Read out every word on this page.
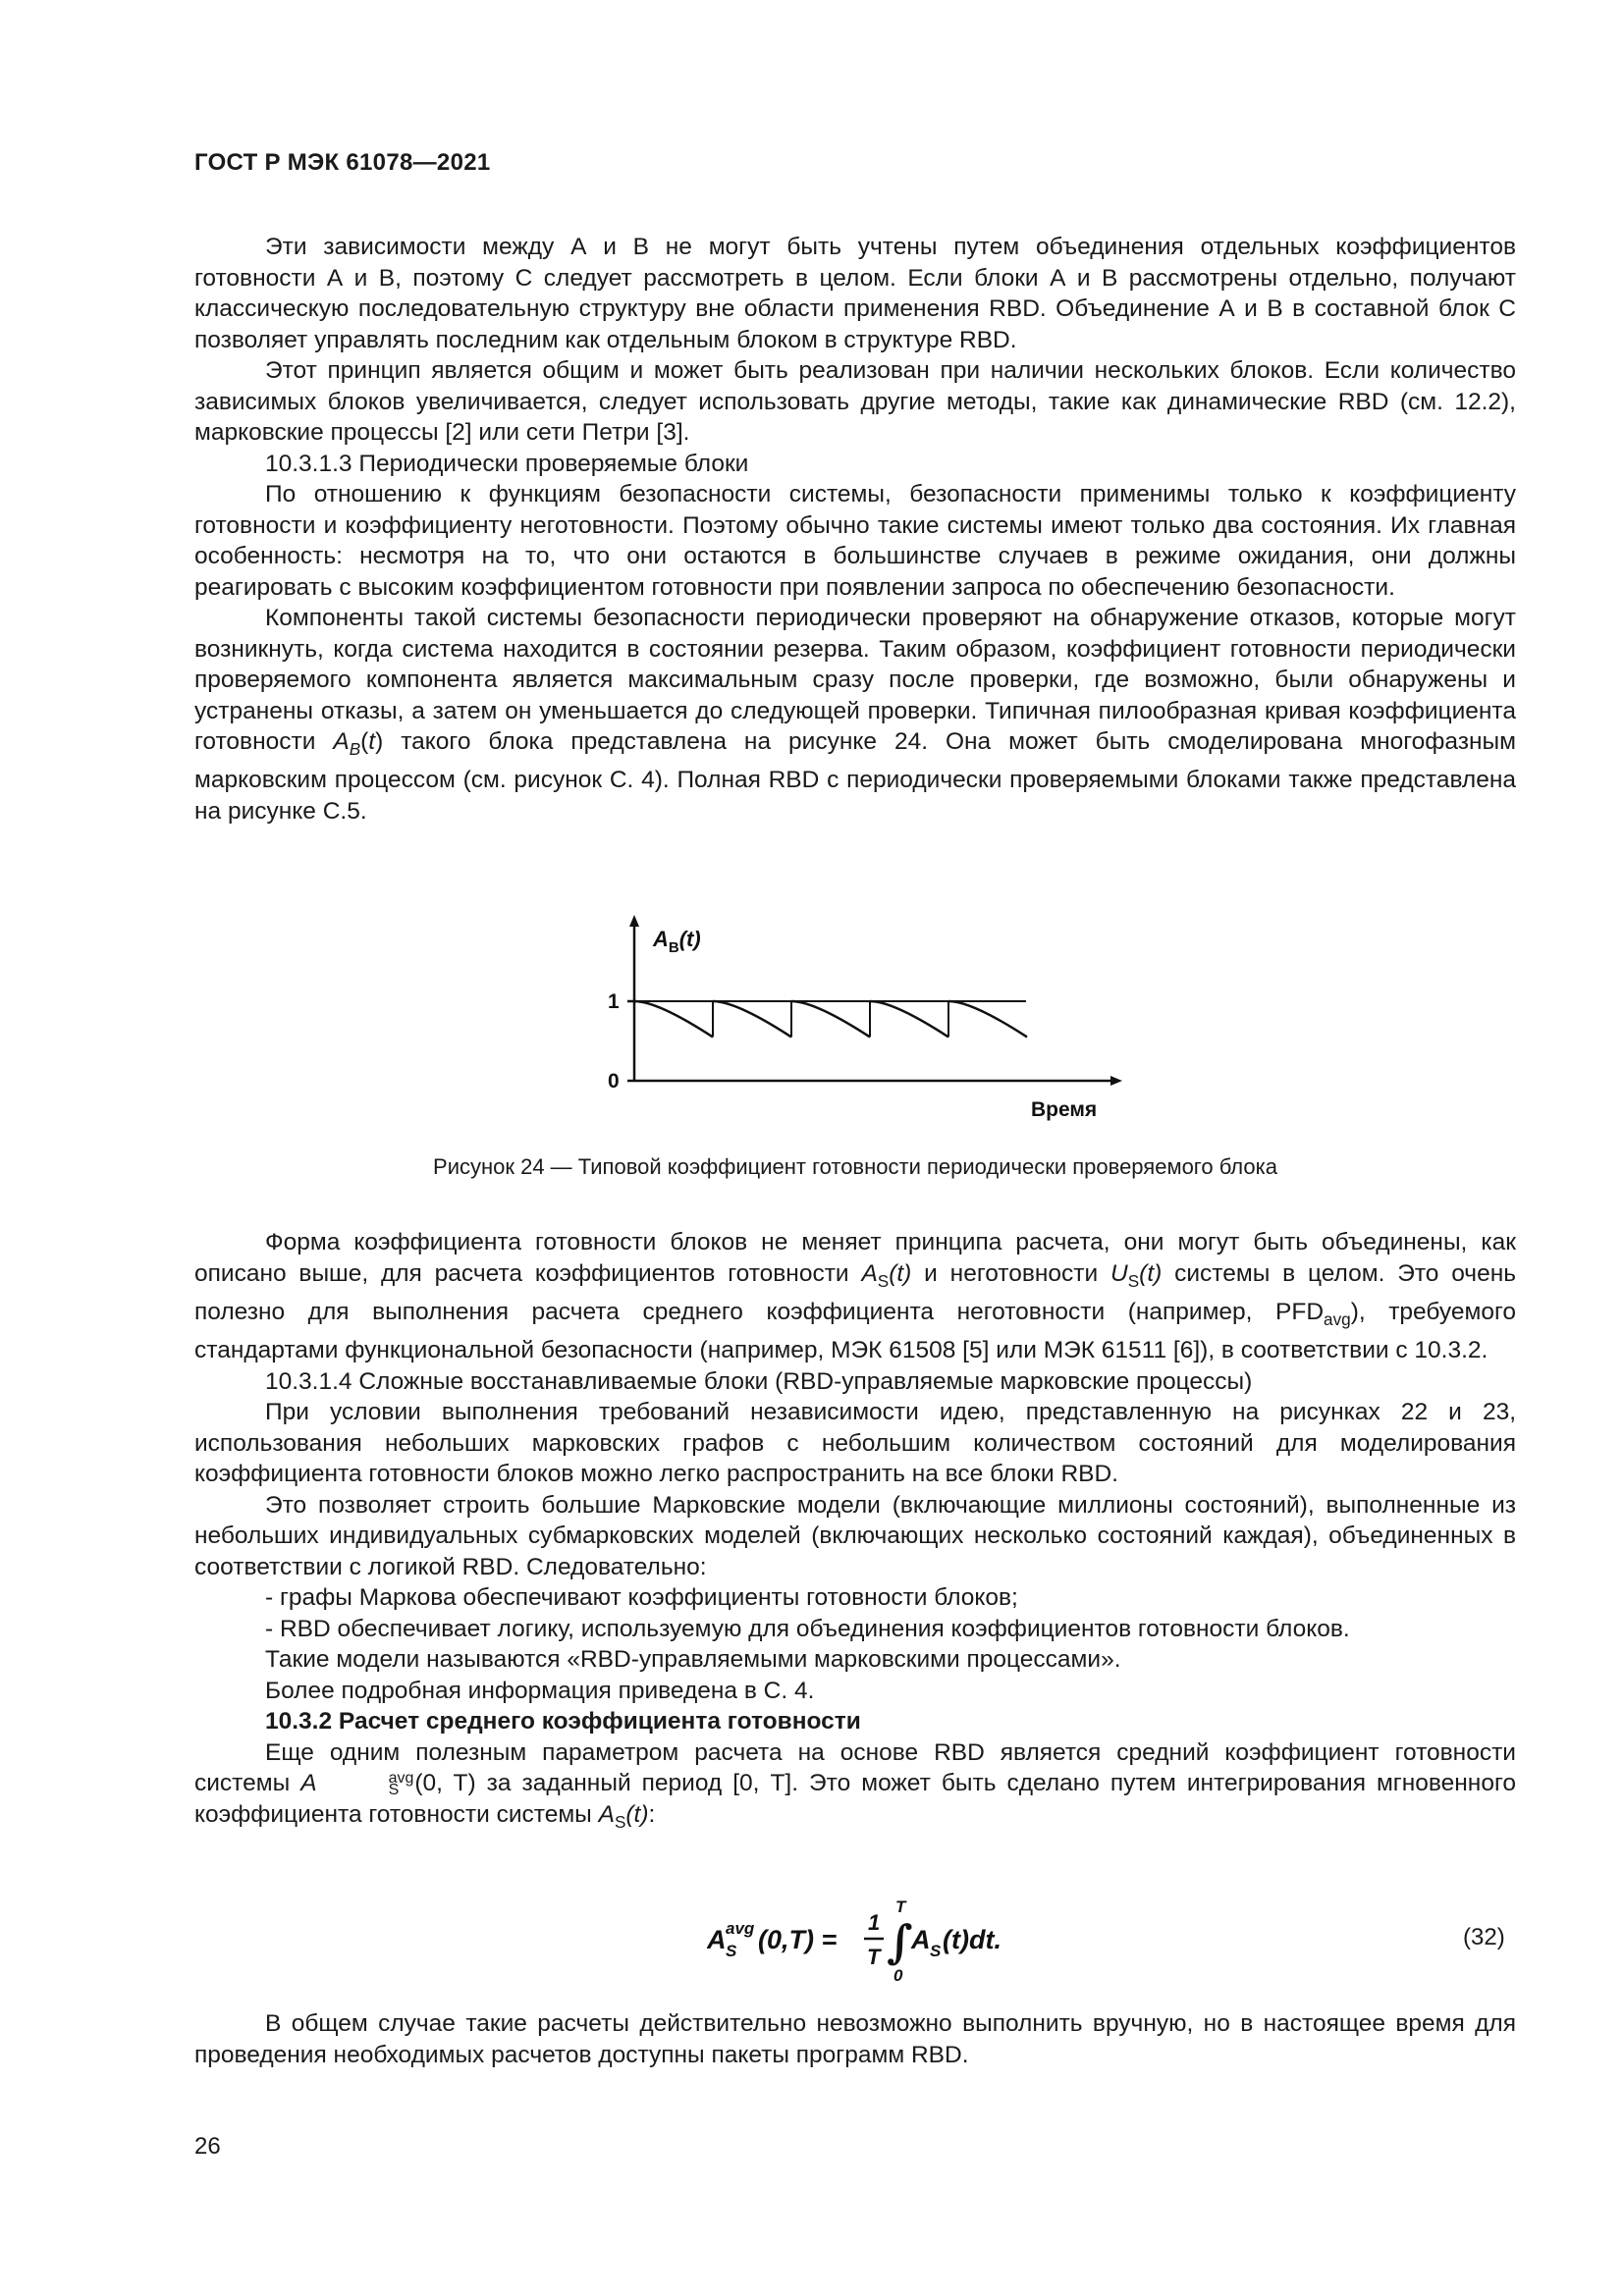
ГОСТ Р МЭК 61078—2021

Эти зависимости между А и В не могут быть учтены путем объединения отдельных коэффициентов готовности А и В, поэтому С следует рассмотреть в целом. Если блоки А и В рассмотрены отдельно, получают классическую последовательную структуру вне области применения RBD. Объединение А и В в составной блок С позволяет управлять последним как отдельным блоком в структуре RBD.

Этот принцип является общим и может быть реализован при наличии нескольких блоков. Если количество зависимых блоков увеличивается, следует использовать другие методы, такие как динамические RBD (см. 12.2), марковские процессы [2] или сети Петри [3].

10.3.1.3 Периодически проверяемые блоки

По отношению к функциям безопасности системы, безопасности применимы только к коэффициенту готовности и коэффициенту неготовности. Поэтому обычно такие системы имеют только два состояния. Их главная особенность: несмотря на то, что они остаются в большинстве случаев в режиме ожидания, они должны реагировать с высоким коэффициентом готовности при появлении запроса по обеспечению безопасности.

Компоненты такой системы безопасности периодически проверяют на обнаружение отказов, которые могут возникнуть, когда система находится в состоянии резерва. Таким образом, коэффициент готовности периодически проверяемого компонента является максимальным сразу после проверки, где возможно, были обнаружены и устранены отказы, а затем он уменьшается до следующей проверки. Типичная пилообразная кривая коэффициента готовности $A_B(t)$ такого блока представлена на рисунке 24. Она может быть смоделирована многофазным марковским процессом (см. рисунок С. 4). Полная RBD с периодически проверяемыми блоками также представлена на рисунке С.5.

$A_B(t)$
1
0
Время
Рисунок 24 — Типовой коэффициент готовности периодически проверяемого блока

Форма коэффициента готовности блоков не меняет принципа расчета, они могут быть объединены, как описано выше, для расчета коэффициентов готовности $A_S(t)$ и неготовности $U_S(t)$ системы в целом. Это очень полезно для выполнения расчета среднего коэффициента неготовности (например, $PFD_{avg}$), требуемого стандартами функциональной безопасности (например, МЭК 61508 [5] или МЭК 61511 [6]), в соответствии с 10.3.2.

10.3.1.4 Сложные восстанавливаемые блоки (RBD-управляемые марковские процессы)

При условии выполнения требований независимости идею, представленную на рисунках 22 и 23, использования небольших марковских графов с небольшим количеством состояний для моделирования коэффициента готовности блоков можно легко распространить на все блоки RBD.

Это позволяет строить большие Марковские модели (включающие миллионы состояний), выполненные из небольших индивидуальных субмарковских моделей (включающих несколько состояний каждая), объединенных в соответствии с логикой RBD. Следовательно:

- графы Маркова обеспечивают коэффициенты готовности блоков;

- RBD обеспечивает логику, используемую для объединения коэффициентов готовности блоков.

Такие модели называются «RBD-управляемыми марковскими процессами».

Более подробная информация приведена в С. 4.

10.3.2 Расчет среднего коэффициента готовности

Еще одним полезным параметром расчета на основе RBD является средний коэффициент готовности системы A	avg
S (0, T) за заданный период [0, T]. Это может быть сделано путем интегрирования мгновенного коэффициента готовности системы $A_S(t)$:

A avg
S (0,T) =
1
T
T
∫
0
A S (t)dt.	(32)

В общем случае такие расчеты действительно невозможно выполнить вручную, но в настоящее время для проведения необходимых расчетов доступны пакеты программ RBD.

26
